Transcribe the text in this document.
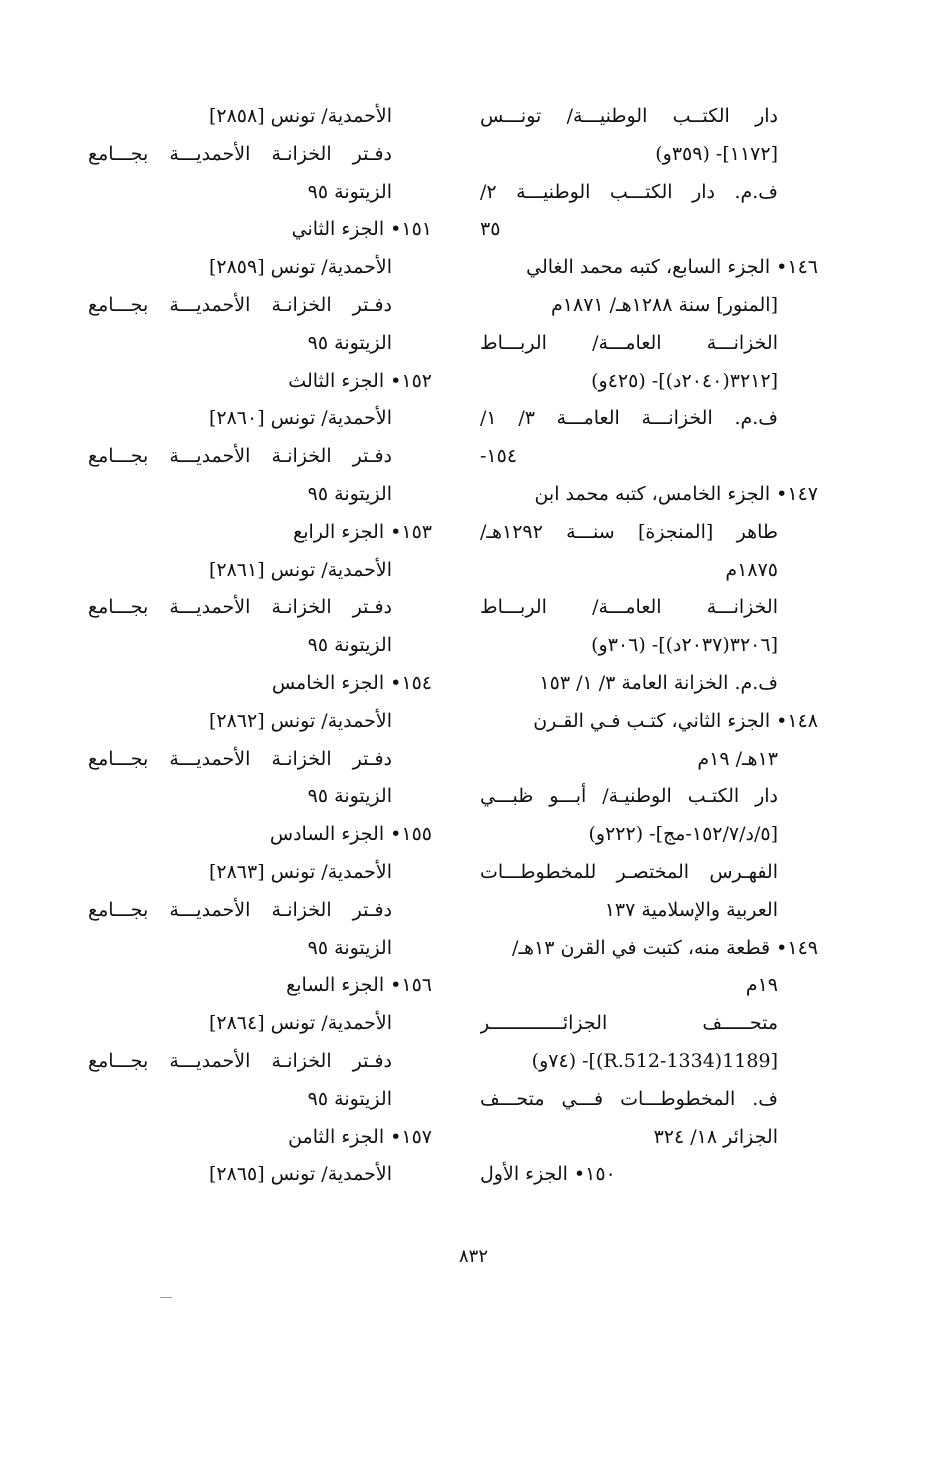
دار الكتــب الوطنيـــة/ تونـــس
[١١٧٢]- (٣٥٩و)
ف.م. دار الكتـــب الوطنيـــة ٢/
٣٥
١٤٦• الجزء السابع، كتبه محمد الغالي
[المنور] سنة ١٢٨٨هـ/ ١٨٧١م
الخزانـــة العامـــة/ الربـــاط
[٣٢١٢(٢٠٤٠د)]- (٤٢٥و)
ف.م. الخزانـــة العامـــة ٣/ ١/
١٥٤-
١٤٧• الجزء الخامس، كتبه محمد ابن
طاهر [المنجزة] سنـــة ١٢٩٢هـ/
١٨٧٥م
الخزانـــة العامـــة/ الربـــاط
[٣٢٠٦(٢٠٣٧د)]- (٣٠٦و)
ف.م. الخزانة العامة ٣/ ١/ ١٥٣
١٤٨• الجزء الثاني، كتـب فـي القـرن
١٣هـ/ ١٩م
دار الكتـب الوطنيـة/ أبـــو ظبـــي
[٥/د/١٥٢/٧-مج]- (٢٢٢و)
الفهـرس المختصـر للمخطوطـــات
العربية والإسلامية ١٣٧
١٤٩• قطعة منه، كتبت في القرن ١٣هـ/
١٩م
متحـــــف الجزائـــــــــــــر
[1189(1334-R.512)]- (٧٤و)
ف. المخطوطـــات فـــي متحـــف
الجزائر ١٨/ ٣٢٤
١٥٠• الجزء الأول
الأحمدية/ تونس [٢٨٥٨]
دفـتر الخزانـة الأحمديـــة بجـــامع
الزيتونة ٩٥
١٥١• الجزء الثاني
الأحمدية/ تونس [٢٨٥٩]
دفـتر الخزانـة الأحمديـــة بجـــامع
الزيتونة ٩٥
١٥٢• الجزء الثالث
الأحمدية/ تونس [٢٨٦٠]
دفـتر الخزانـة الأحمديـــة بجـــامع
الزيتونة ٩٥
١٥٣• الجزء الرابع
الأحمدية/ تونس [٢٨٦١]
دفـتر الخزانـة الأحمديـــة بجـــامع
الزيتونة ٩٥
١٥٤• الجزء الخامس
الأحمدية/ تونس [٢٨٦٢]
دفـتر الخزانـة الأحمديـــة بجـــامع
الزيتونة ٩٥
١٥٥• الجزء السادس
الأحمدية/ تونس [٢٨٦٣]
دفـتر الخزانـة الأحمديـــة بجـــامع
الزيتونة ٩٥
١٥٦• الجزء السابع
الأحمدية/ تونس [٢٨٦٤]
دفـتر الخزانـة الأحمديـــة بجـــامع
الزيتونة ٩٥
١٥٧• الجزء الثامن
الأحمدية/ تونس [٢٨٦٥]
٨٣٢
